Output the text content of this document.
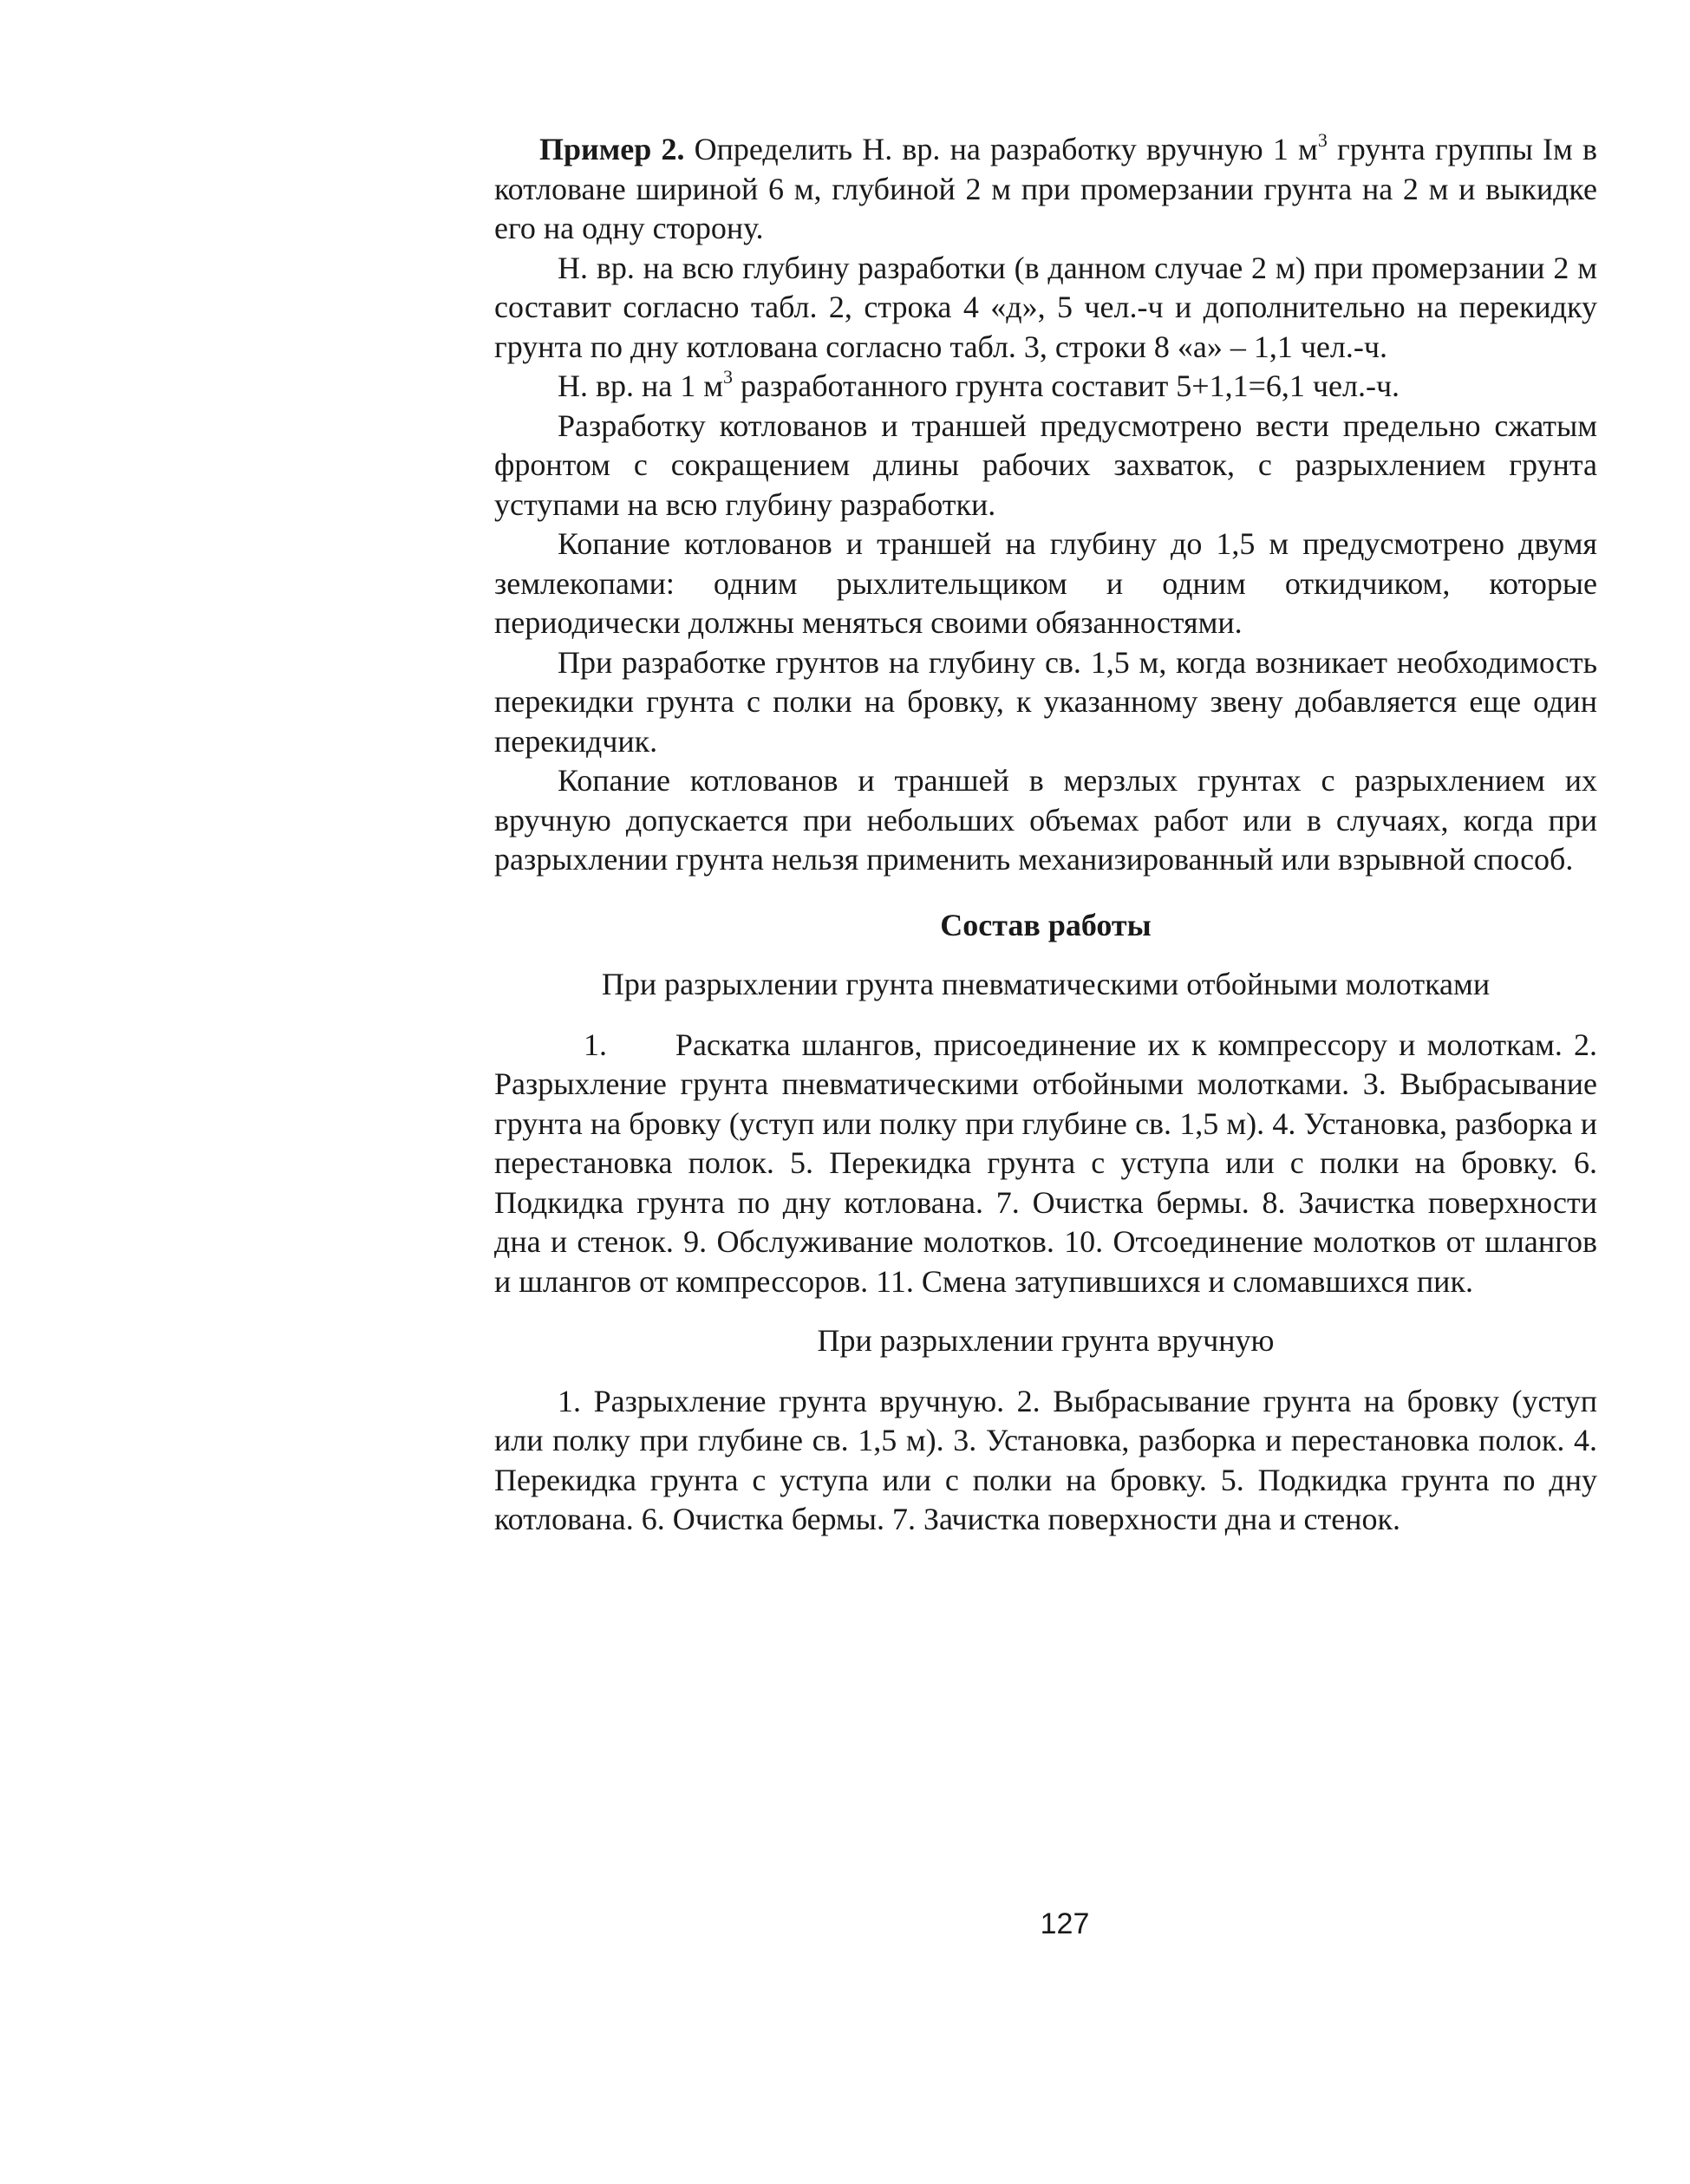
Пример 2. Определить Н. вр. на разработку вручную 1 $м^3$ грунта группы Iм в котловане шириной 6 м, глубиной 2 м при промерзании грунта на 2 м и выкидке его на одну сторону.

Н. вр. на всю глубину разработки (в данном случае 2 м) при промерзании 2 м составит согласно табл. 2, строка 4 «д», 5 чел.-ч и дополнительно на перекидку грунта по дну котлована согласно табл. 3, строки 8 «а» – 1,1 чел.-ч.

Н. вр. на 1 $м^3$ разработанного грунта составит 5+1,1=6,1 чел.-ч.

Разработку котлованов и траншей предусмотрено вести предельно сжатым фронтом с сокращением длины рабочих захваток, с разрыхлением грунта уступами на всю глубину разработки.

Копание котлованов и траншей на глубину до 1,5 м предусмотрено двумя землекопами: одним рыхлительщиком и одним откидчиком, которые периодически должны меняться своими обязанностями.

При разработке грунтов на глубину св. 1,5 м, когда возникает необходимость перекидки грунта с полки на бровку, к указанному звену добавляется еще один перекидчик.

Копание котлованов и траншей в мерзлых грунтах с разрыхлением их вручную допускается при небольших объемах работ или в случаях, когда при разрыхлении грунта нельзя применить механизированный или взрывной способ.

Состав работы

При разрыхлении грунта пневматическими отбойными молотками

1.      Раскатка шлангов, присоединение их к компрессору и молоткам. 2. Разрыхление грунта пневматическими отбойными молотками. 3. Выбрасывание грунта на бровку (уступ или полку при глубине св. 1,5 м). 4. Установка, разборка и перестановка полок. 5. Перекидка грунта с уступа или с полки на бровку. 6. Подкидка грунта по дну котлована. 7. Очистка бермы. 8. Зачистка поверхности дна и стенок. 9. Обслуживание молотков. 10. Отсоединение молотков от шлангов и шлангов от компрессоров. 11. Смена затупившихся и сломавшихся пик.

При разрыхлении грунта вручную

1. Разрыхление грунта вручную. 2. Выбрасывание грунта на бровку (уступ или полку при глубине св. 1,5 м). 3. Установка, разборка и перестановка полок. 4. Перекидка грунта с уступа или с полки на бровку. 5. Подкидка грунта по дну котлована. 6. Очистка бермы. 7. Зачистка поверхности дна и стенок.

127
